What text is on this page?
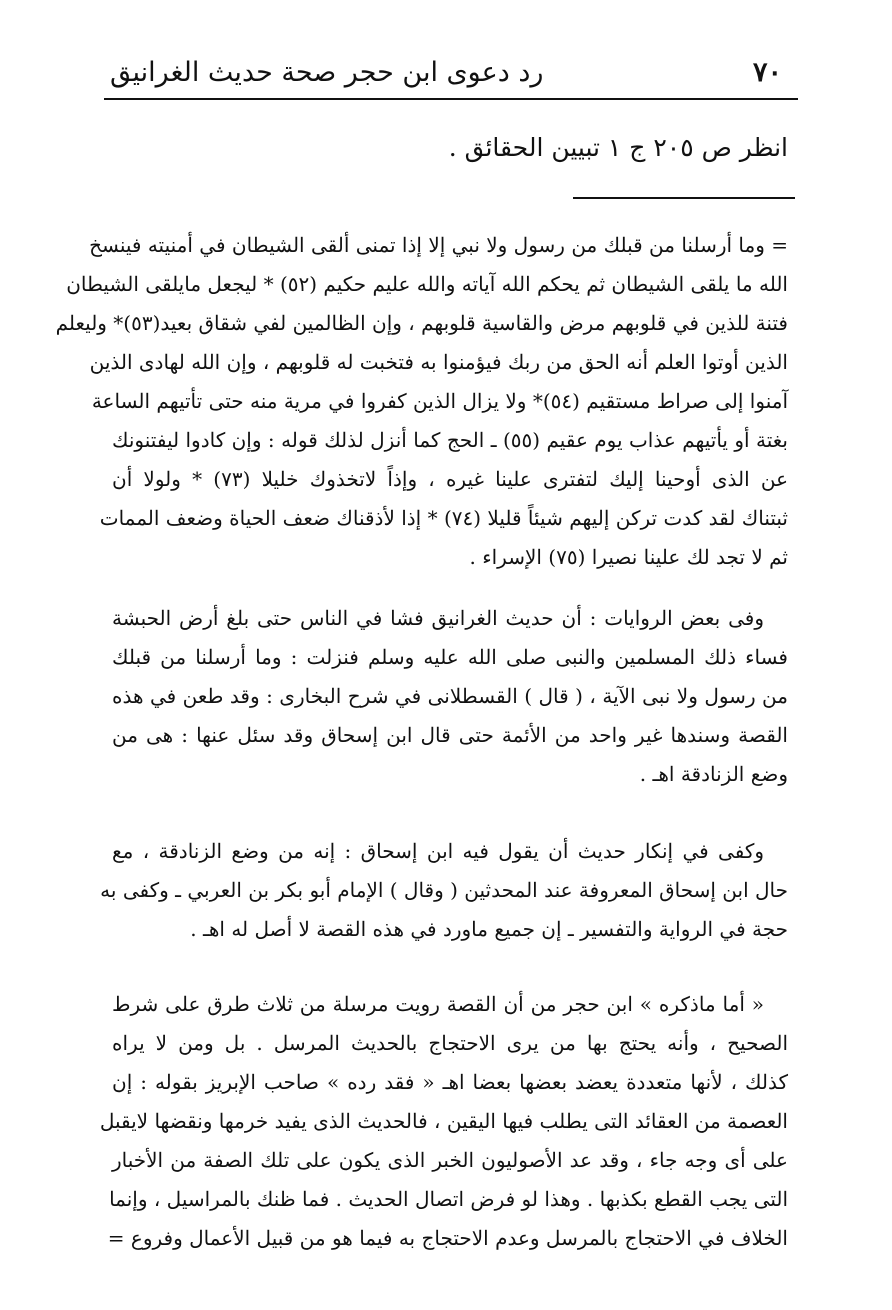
رد دعوى ابن حجر صحة حديث الغرانيق	٧٠
انظر ص ٢٠٥ ج ١ تبيين الحقائق .
= وما أرسلنا من قبلك من رسول ولا نبي إلا إذا تمنى ألقى الشيطان في أمنيته فينسخ
الله ما يلقى الشيطان ثم يحكم الله آياته والله عليم حكيم (٥٢) * ليجعل مايلقى الشيطان
فتنة للذين في قلوبهم مرض والقاسية قلوبهم ، وإن الظالمين لفي شقاق بعيد(٥٣)* وليعلم
الذين أوتوا العلم أنه الحق من ربك فيؤمنوا به فتخبت له قلوبهم ، وإن الله لهادى الذين
آمنوا إلى صراط مستقيم (٥٤)* ولا يزال الذين كفروا في مرية منه حتى تأتيهم الساعة
بغتة أو يأتيهم عذاب يوم عقيم (٥٥) ـ الحج كما أنزل لذلك قوله : وإن كادوا ليفتنونك
عن الذى أوحينا إليك لتفترى علينا غيره ، وإذاً لاتخذوك خليلا (٧٣) * ولولا أن
ثبتناك لقد كدت تركن إليهم شيئاً قليلا (٧٤) * إذا لأذقناك ضعف الحياة وضعف الممات
ثم لا تجد لك علينا نصيرا (٧٥) الإسراء .
وفى بعض الروايات : أن حديث الغرانيق فشا في الناس حتى بلغ أرض الحبشة
فساء ذلك المسلمين والنبى صلى الله عليه وسلم فنزلت : وما أرسلنا من قبلك
من رسول ولا نبى الآية ، ( قال ) القسطلانى في شرح البخارى : وقد طعن في هذه
القصة وسندها غير واحد من الأئمة حتى قال ابن إسحاق وقد سئل عنها : هى من
وضع الزنادقة اهـ .
وكفى في إنكار حديث أن يقول فيه ابن إسحاق : إنه من وضع الزنادقة ، مع
حال ابن إسحاق المعروفة عند المحدثين ( وقال ) الإمام أبو بكر بن العربي ـ وكفى به
حجة في الرواية والتفسير ـ إن جميع ماورد في هذه القصة لا أصل له اهـ .
« أما ماذكره » ابن حجر من أن القصة رويت مرسلة من ثلاث طرق على شرط
الصحيح ، وأنه يحتج بها من يرى الاحتجاج بالحديث المرسل . بل ومن لا يراه
كذلك ، لأنها متعددة يعضد بعضها بعضا اهـ « فقد رده » صاحب الإبريز بقوله : إن
العصمة من العقائد التى يطلب فيها اليقين ، فالحديث الذى يفيد خرمها ونقضها لايقبل
على أى وجه جاء ، وقد عد الأصوليون الخبر الذى يكون على تلك الصفة من الأخبار
التى يجب القطع بكذبها . وهذا لو فرض اتصال الحديث . فما ظنك بالمراسيل ، وإنما
الخلاف في الاحتجاج بالمرسل وعدم الاحتجاج به فيما هو من قبيل الأعمال وفروع =
